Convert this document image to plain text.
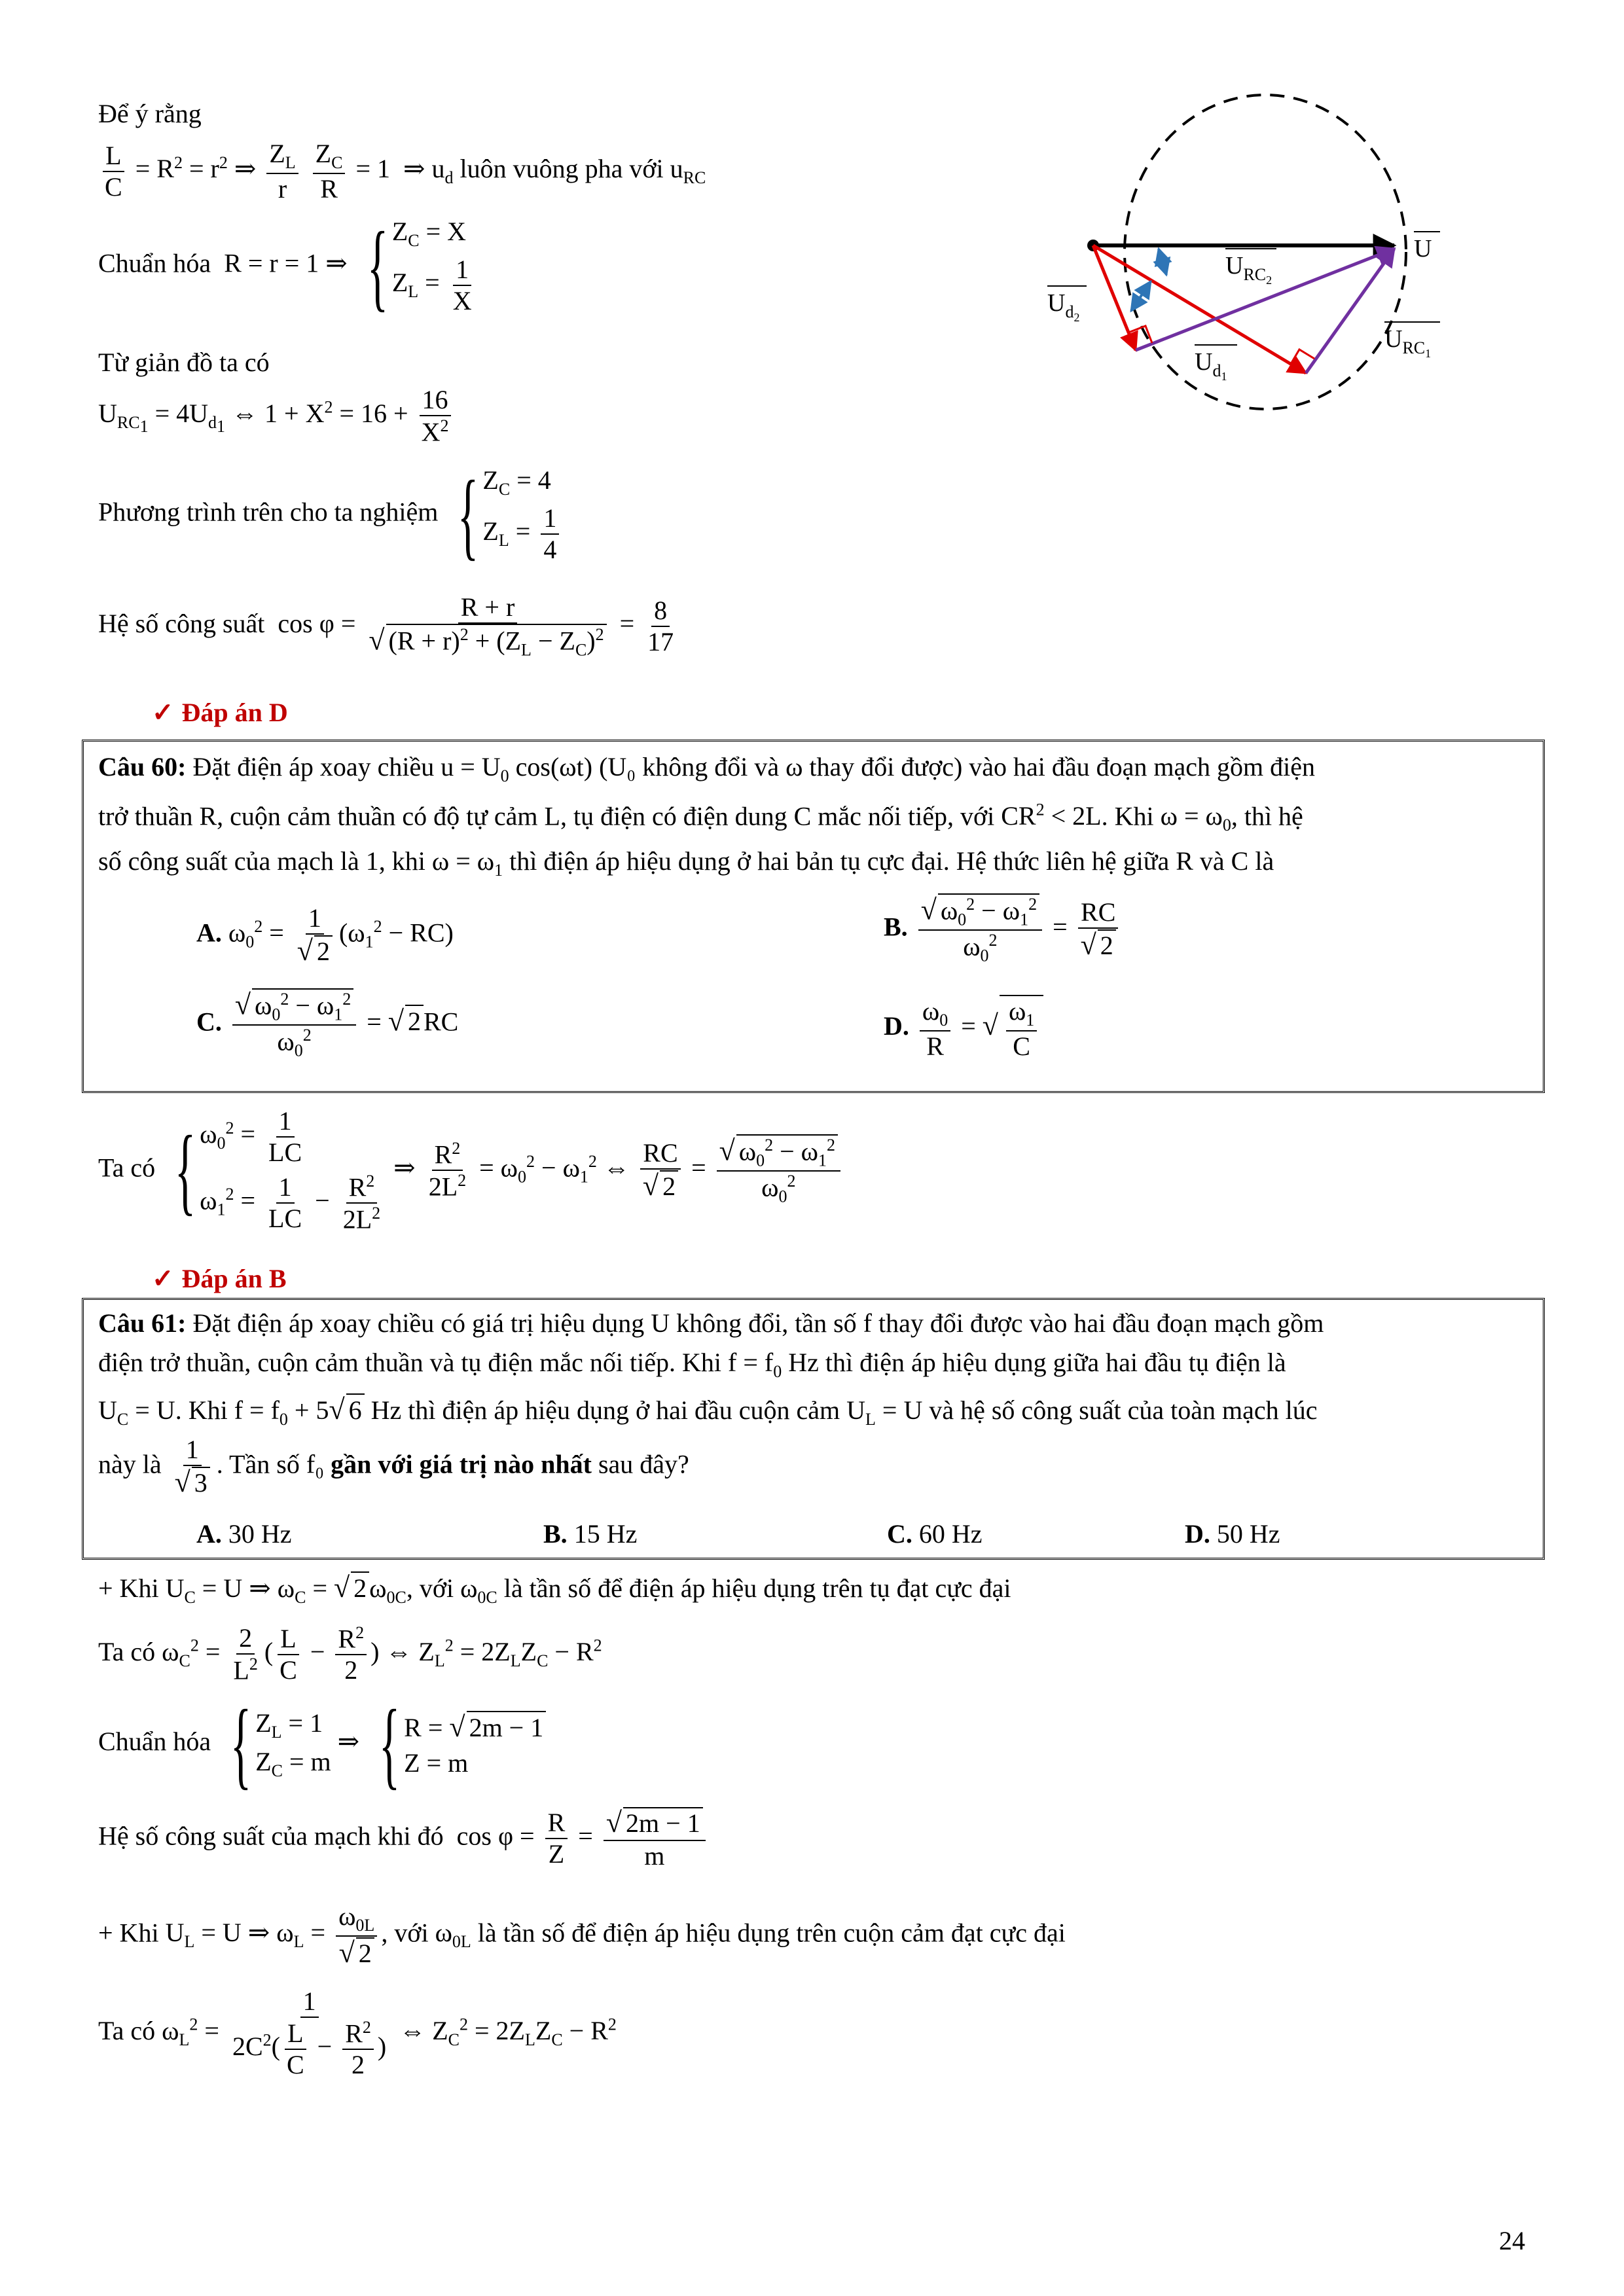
Để ý rằng
$\frac{L}{C} = R^2 = r^2$ ⇒ $\frac{Z_L}{r}$
$\frac{Z_C}{R} = 1$  ⇒ $u_d$ luôn vuông pha với $u_{RC}$
Chuẩn hóa  R = r = 1 ⇒ { $Z_C = X$
$Z_L = \frac{1}{X}$
Từ giản đồ ta có
$U_{RC_1} = 4U_{d_1}$ ⇔ $1 + X^2 = 16 + \frac{16}{X^2}$
Phương trình trên cho ta nghiệm { $Z_C = 4$
$Z_L = \frac{1}{4}$
Hệ số công suất  $\cos \varphi = \frac{R + r}{√ (R + r)^2 + (Z_L - Z_C)^2} = \frac{8}{17}$
✓ Đáp án D
U
$U_{RC}2$
$U_d2$
$U_d1$
$U_{RC}1$
Câu 60: Đặt điện áp xoay chiều $u = U_0$ cos(ωt) (U₀ không đổi và ω thay đổi được) vào hai đầu đoạn mạch gồm điện
trở thuần R, cuộn cảm thuần có độ tự cảm L, tụ điện có điện dung C mắc nối tiếp, với $CR^2 < 2L$. Khi $\omega = \omega_0$, thì hệ
số công suất của mạch là 1, khi $\omega = \omega_1$ thì điện áp hiệu dụng ở hai bản tụ cực đại. Hệ thức liên hệ giữa R và C là
A. $\omega_0^2 = \frac{1}{√ 2} (\omega_1^2 - RC)$	B. $\frac{√ \omega_0^2 - \omega_1^2}{\omega_0^2} = \frac{RC}{√ 2}$
C. $\frac{√ \omega_0^2 - \omega_1^2}{\omega_0^2}$ = √ 2 RC	D. $\frac{\omega_0}{R}$ = √ $\frac{\omega_1}{C}$
Ta có { $\omega_0^2 = \frac{1}{LC}$
$\omega_1^2 = \frac{1}{LC} - \frac{R^2}{2L^2}$
⇒ $\frac{R^2}{2L^2} = \omega_0^2 - \omega_1^2$ ⇔ $\frac{RC}{√ 2} = \frac{√ \omega_0^2 - \omega_1^2}{\omega_0^2}$
✓ Đáp án B
Câu 61: Đặt điện áp xoay chiều có giá trị hiệu dụng U không đổi, tần số f thay đổi được vào hai đầu đoạn mạch gồm
điện trở thuần, cuộn cảm thuần và tụ điện mắc nối tiếp. Khi $f = f_0$ Hz thì điện áp hiệu dụng giữa hai đầu tụ điện là
$U_C = U$. Khi $f = f_0 + 5√$ 6 Hz thì điện áp hiệu dụng ở hai đầu cuộn cảm $U_L = U$ và hệ số công suất của toàn mạch lúc
này là $\frac{1}{√ 3}$ . Tần số f₀ gần với giá trị nào nhất sau đây?
A. 30 Hz	B. 15 Hz	C. 60 Hz	D. 50 Hz
+ Khi $U_C = U$ ⇒ $\omega_C$ = √ 2 $\omega_{0C}$, với $\omega_{0C}$ là tần số để điện áp hiệu dụng trên tụ đạt cực đại
Ta có $\omega_C^2 = \frac{2}{L^2}$ ( $\frac{L}{C} - \frac{R^2}{2}$ ) ⇔ $Z_L^2 = 2Z_LZ_C - R^2$
Chuẩn hóa { $Z_L = 1$
$Z_C = m$
⇒ { R = √ 2m − 1
Z = m
Hệ số công suất của mạch khi đó  $\cos \varphi = \frac{R}{Z} = \frac{√ 2m - 1}{m}$
+ Khi $U_L = U$ ⇒ $\omega_L = \frac{\omega_{0L}}{√ 2}$ , với $\omega_{0L}$ là tần số để điện áp hiệu dụng trên cuộn cảm đạt cực đại
Ta có $\omega_L^2 = \frac{1}{2C^2( \frac{L}{C} - \frac{R^2}{2} )}$ ⇔ $Z_C^2 = 2Z_LZ_C - R^2$
24
